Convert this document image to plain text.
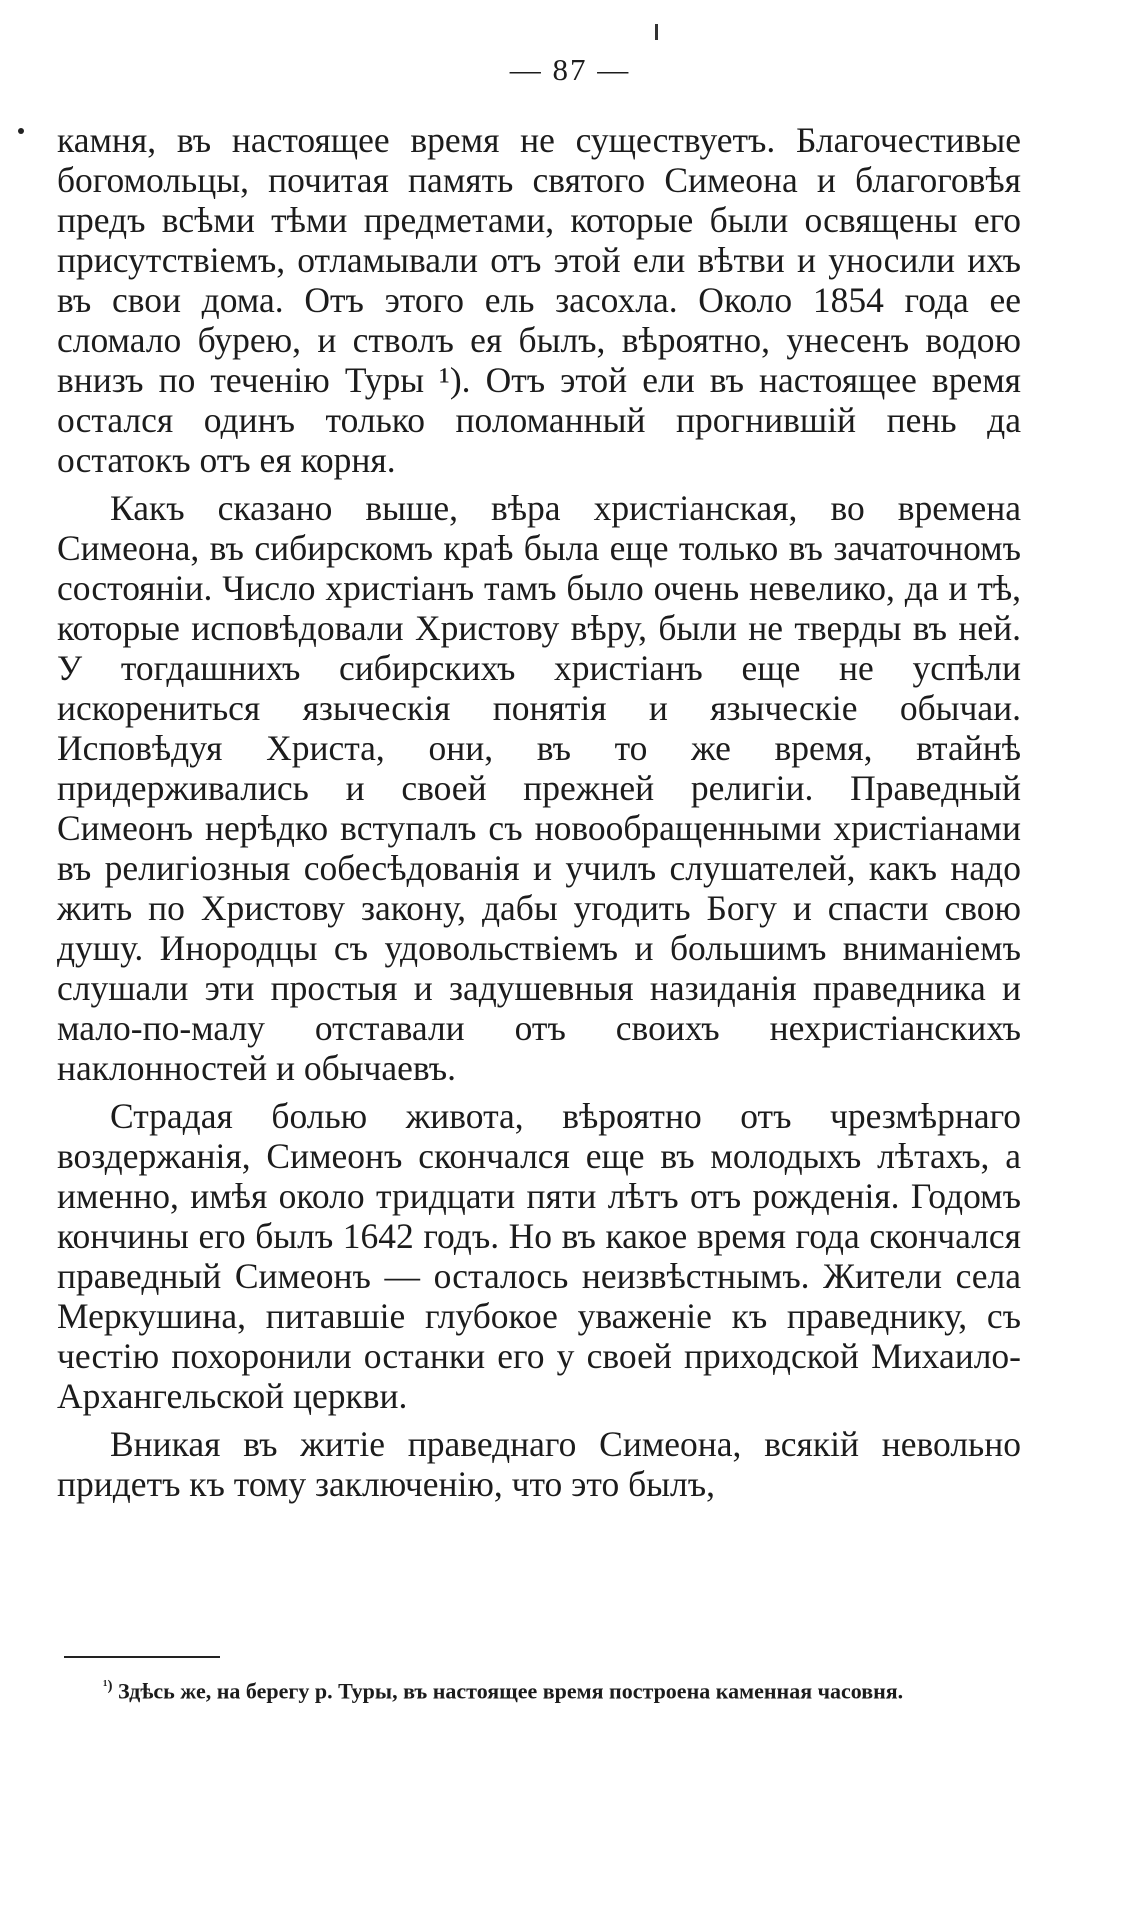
— 87 —

камня, въ настоящее время не существуетъ. Благочестивые богомольцы, почитая память святого Симеона и благоговѣя предъ всѣми тѣми предметами, которые были освящены его присутствіемъ, отламывали отъ этой ели вѣтви и уносили ихъ въ свои дома. Отъ этого ель засохла. Около 1854 года ее сломало бурею, и стволъ ея былъ, вѣроятно, унесенъ водою внизъ по теченію Туры ¹). Отъ этой ели въ настоящее время остался одинъ только поломанный прогнившій пень да остатокъ отъ ея корня.

Какъ сказано выше, вѣра христіанская, во времена Симеона, въ сибирскомъ краѣ была еще только въ зачаточномъ состояніи. Число христіанъ тамъ было очень невелико, да и тѣ, которые исповѣдовали Христову вѣру, были не тверды въ ней. У тогдашнихъ сибирскихъ христіанъ еще не успѣли искорениться языческія понятія и языческіе обычаи. Исповѣдуя Христа, они, въ то же время, втайнѣ придерживались и своей прежней религіи. Праведный Симеонъ нерѣдко вступалъ съ новообращенными христіанами въ религіозныя собесѣдованія и училъ слушателей, какъ надо жить по Христову закону, дабы угодить Богу и спасти свою душу. Инородцы съ удовольствіемъ и большимъ вниманіемъ слушали эти простыя и задушевныя назиданія праведника и мало-по-малу отставали отъ своихъ нехристіанскихъ наклонностей и обычаевъ.

Страдая болью живота, вѣроятно отъ чрезмѣрнаго воздержанія, Симеонъ скончался еще въ молодыхъ лѣтахъ, а именно, имѣя около тридцати пяти лѣтъ отъ рожденія. Годомъ кончины его былъ 1642 годъ. Но въ какое время года скончался праведный Симеонъ — осталось неизвѣстнымъ. Жители села Меркушина, питавшіе глубокое уваженіе къ праведнику, съ честію похоронили останки его у своей приходской Михаило-Архангельской церкви.

Вникая въ житіе праведнаго Симеона, всякій невольно придетъ къ тому заключенію, что это былъ,

$^{^1)}$ Здѣсь же, на берегу р. Туры, въ настоящее время построена каменная часовня.
